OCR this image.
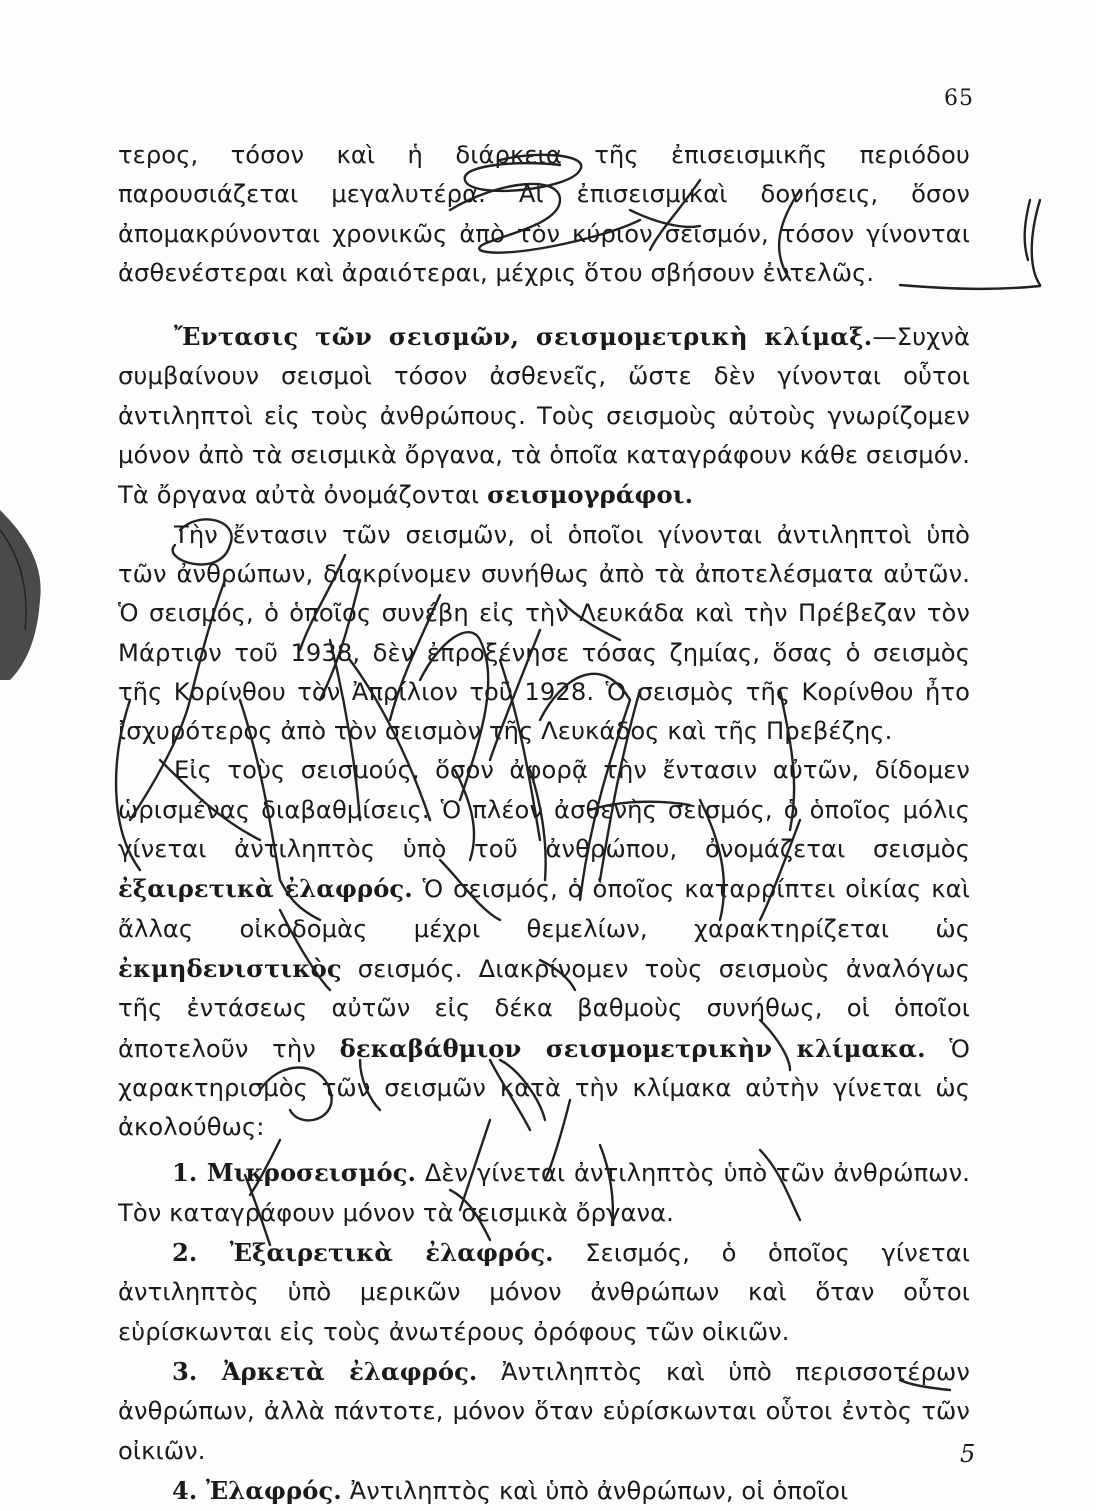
65

τερος, τόσον καὶ ἡ διάρκεια τῆς ἐπισεισμικῆς περιόδου παρουσιάζεται μεγαλυτέρα. Αἱ ἐπισεισμικαὶ δονήσεις, ὅσον ἀπομακρύνονται χρονικῶς ἀπὸ τὸν κύριον σεισμόν, τόσον γίνονται ἀσθενέστεραι καὶ ἀραιότεραι, μέχρις ὅτου σβήσουν ἐντελῶς.

Ἔντασις τῶν σεισμῶν, σεισμομετρικὴ κλίμαξ.—Συχνὰ συμβαίνουν σεισμοὶ τόσον ἀσθενεῖς, ὥστε δὲν γίνονται οὗτοι ἀντιληπτοὶ εἰς τοὺς ἀνθρώπους. Τοὺς σεισμοὺς αὐτοὺς γνωρίζομεν μόνον ἀπὸ τὰ σεισμικὰ ὄργανα, τὰ ὁποῖα καταγράφουν κάθε σεισμόν. Τὰ ὄργανα αὐτὰ ὀνομάζονται σεισμογράφοι.

Τὴν ἔντασιν τῶν σεισμῶν, οἱ ὁποῖοι γίνονται ἀντιληπτοὶ ὑπὸ τῶν ἀνθρώπων, διακρίνομεν συνήθως ἀπὸ τὰ ἀποτελέσματα αὐτῶν. Ὁ σεισμός, ὁ ὁποῖος συνέβη εἰς τὴν Λευκάδα καὶ τὴν Πρέβεζαν τὸν Μάρτιον τοῦ 1938, δὲν ἐπροξένησε τόσας ζημίας, ὅσας ὁ σεισμὸς τῆς Κορίνθου τὸν Ἀπρίλιον τοῦ 1928. Ὁ σεισμὸς τῆς Κορίνθου ἦτο ἰσχυρότερος ἀπὸ τὸν σεισμὸν τῆς Λευκάδος καὶ τῆς Πρεβέζης.

Εἰς τοὺς σεισμούς, ὅσον ἀφορᾷ τὴν ἔντασιν αὐτῶν, δίδομεν ὡρισμένας διαβαθμίσεις. Ὁ πλέον ἀσθενὴς σεισμός, ὁ ὁποῖος μόλις γίνεται ἀντιληπτὸς ὑπὸ τοῦ ἀνθρώπου, ὀνομάζεται σεισμὸς ἐξαιρετικὰ ἐλαφρός. Ὁ σεισμός, ὁ ὁποῖος καταρρίπτει οἰκίας καὶ ἄλλας οἰκοδομὰς μέχρι θεμελίων, χαρακτηρίζεται ὡς ἐκμηδενιστικὸς σεισμός. Διακρίνομεν τοὺς σεισμοὺς ἀναλόγως τῆς ἐντάσεως αὐτῶν εἰς δέκα βαθμοὺς συνήθως, οἱ ὁποῖοι ἀποτελοῦν τὴν δεκαβάθμιον σεισμομετρικὴν κλίμακα. Ὁ χαρακτηρισμὸς τῶν σεισμῶν κατὰ τὴν κλίμακα αὐτὴν γίνεται ὡς ἀκολούθως:

1. Μικροσεισμός. Δὲν γίνεται ἀντιληπτὸς ὑπὸ τῶν ἀνθρώπων. Τὸν καταγράφουν μόνον τὰ σεισμικὰ ὄργανα.

2. Ἐξαιρετικὰ ἐλαφρός. Σεισμός, ὁ ὁποῖος γίνεται ἀντιληπτὸς ὑπὸ μερικῶν μόνον ἀνθρώπων καὶ ὅταν οὗτοι εὑρίσκωνται εἰς τοὺς ἀνωτέρους ὀρόφους τῶν οἰκιῶν.

3. Ἀρκετὰ ἐλαφρός. Ἀντιληπτὸς καὶ ὑπὸ περισσοτέρων ἀνθρώπων, ἀλλὰ πάντοτε, μόνον ὅταν εὑρίσκωνται οὗτοι ἐντὸς τῶν οἰκιῶν.

4. Ἐλαφρός. Ἀντιληπτὸς καὶ ὑπὸ ἀνθρώπων, οἱ ὁποῖοι

5
